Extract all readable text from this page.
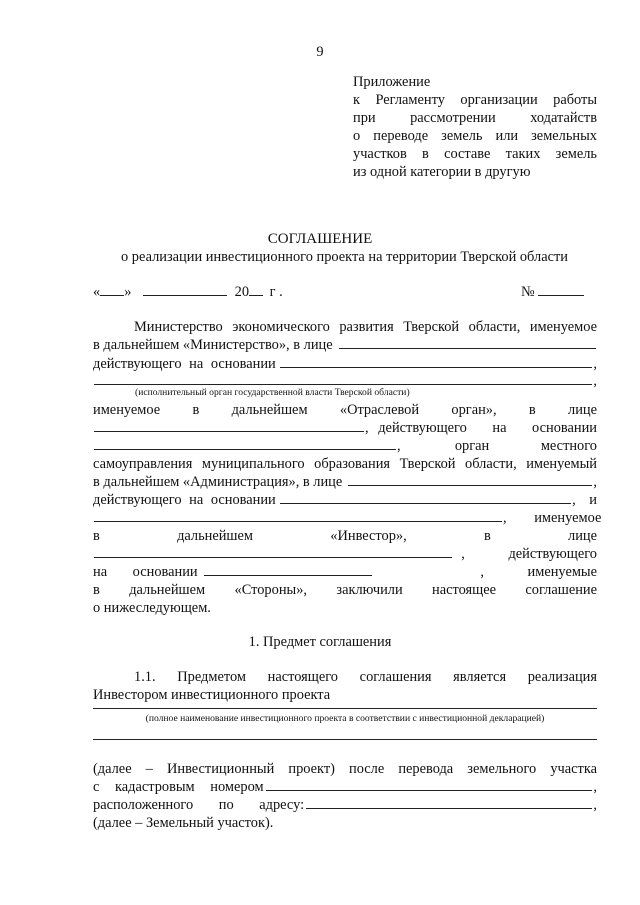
9
Приложение
к Регламенту организации работы
при рассмотрении ходатайств
о переводе земель или земельных
участков в составе таких земель
из одной категории в другую
СОГЛАШЕНИЕ
о реализации инвестиционного проекта на территории Тверской области
« »	20 г .	№
Министерство экономического развития Тверской области, именуемое
в дальнейшем «Министерство», в лице
действующего на основании	,
,
(исполнительный орган государственной власти Тверской области)
именуемое в дальнейшем «Отраслевой орган», в лице
, действующего на основании
,	орган местного
самоуправления муниципального образования Тверской области, именуемый
в дальнейшем «Администрация», в лице	,
действующего на основании	, и
, именуемое
в дальнейшем «Инвестор», в лице
, действующего
на основании	, именуемые
в дальнейшем «Стороны», заключили настоящее соглашение
о нижеследующем.
1. Предмет соглашения
1.1. Предметом настоящего соглашения является реализация
Инвестором инвестиционного проекта
(полное наименование инвестиционного проекта в соответствии с инвестиционной декларацией)
(далее – Инвестиционный проект) после перевода земельного участка
с кадастровым номером	,
расположенного по адресу:	,
(далее – Земельный участок).
